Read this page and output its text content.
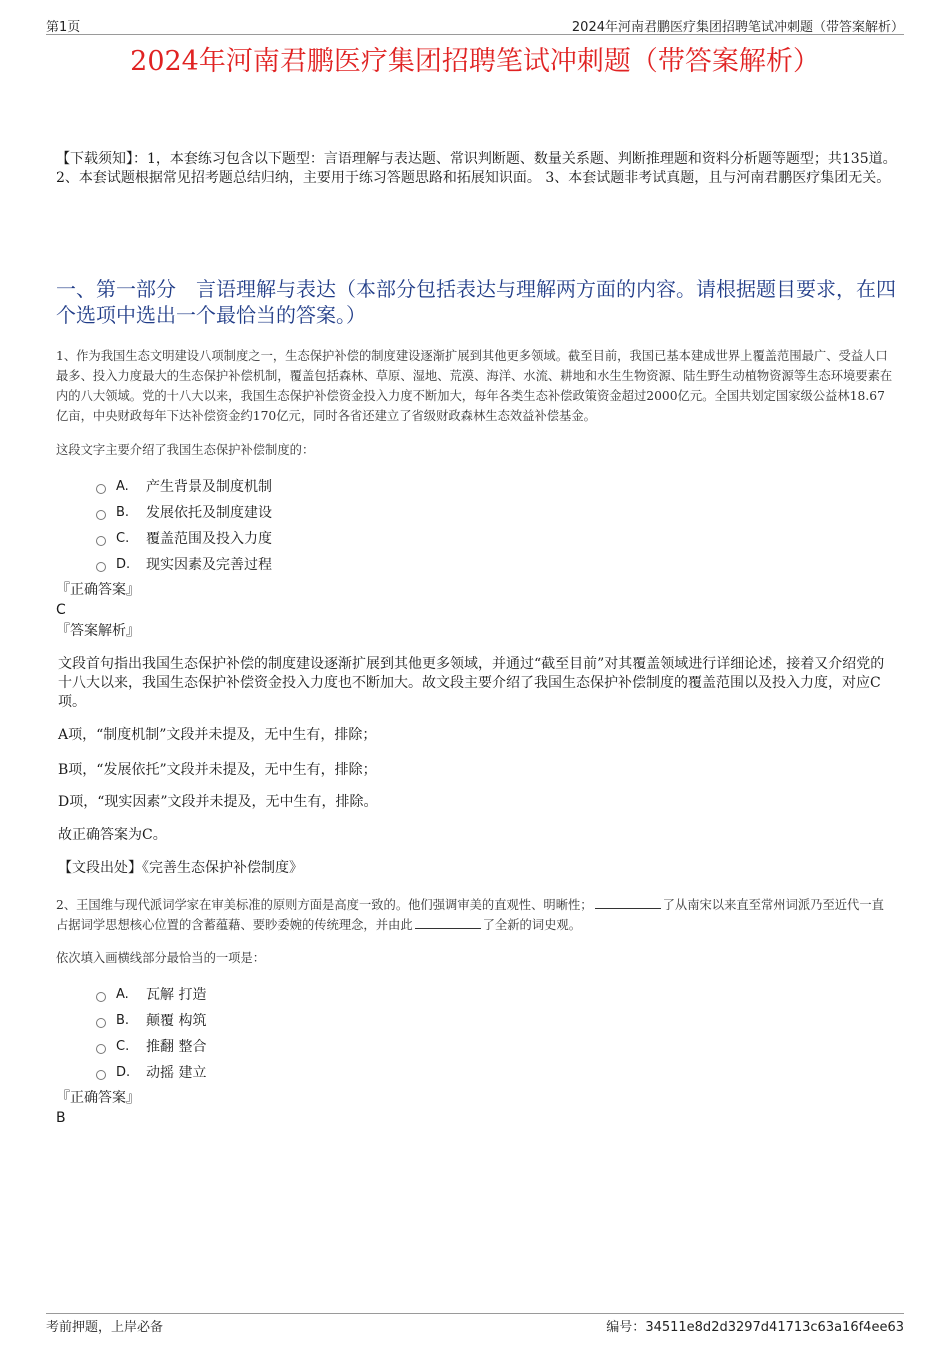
第1页	2024年河南君鹏医疗集团招聘笔试冲刺题（带答案解析）
2024年河南君鹏医疗集团招聘笔试冲刺题（带答案解析）
【下载须知】：1，本套练习包含以下题型：言语理解与表达题、常识判断题、数量关系题、判断推理题和资料分析题等题型；共135道。 2、本套试题根据常见招考题总结归纳，主要用于练习答题思路和拓展知识面。 3、本套试题非考试真题，且与河南君鹏医疗集团无关。
一、第一部分　言语理解与表达（本部分包括表达与理解两方面的内容。请根据题目要求，在四个选项中选出一个最恰当的答案。）
1、作为我国生态文明建设八项制度之一，生态保护补偿的制度建设逐渐扩展到其他更多领域。截至目前，我国已基本建成世界上覆盖范围最广、受益人口最多、投入力度最大的生态保护补偿机制，覆盖包括森林、草原、湿地、荒漠、海洋、水流、耕地和水生生物资源、陆生野生动植物资源等生态环境要素在内的八大领域。党的十八大以来，我国生态保护补偿资金投入力度不断加大，每年各类生态补偿政策资金超过2000亿元。全国共划定国家级公益林18.67亿亩，中央财政每年下达补偿资金约170亿元，同时各省还建立了省级财政森林生态效益补偿基金。
这段文字主要介绍了我国生态保护补偿制度的：
A.	产生背景及制度机制
B.	发展依托及制度建设
C.	覆盖范围及投入力度
D.	现实因素及完善过程
『正确答案』
C
『答案解析』
文段首句指出我国生态保护补偿的制度建设逐渐扩展到其他更多领域，并通过“截至目前”对其覆盖领域进行详细论述，接着又介绍党的十八大以来，我国生态保护补偿资金投入力度也不断加大。故文段主要介绍了我国生态保护补偿制度的覆盖范围以及投入力度，对应C项。
A项，“制度机制”文段并未提及，无中生有，排除；
B项，“发展依托”文段并未提及，无中生有，排除；
D项，“现实因素”文段并未提及，无中生有，排除。
故正确答案为C。
【文段出处】《完善生态保护补偿制度》
2、王国维与现代派词学家在审美标准的原则方面是高度一致的。他们强调审美的直观性、明晰性；	了从南宋以来直至常州词派乃至近代一直占据词学思想核心位置的含蓄蕴藉、要眇委婉的传统理念，并由此	了全新的词史观。
依次填入画横线部分最恰当的一项是：
A.	瓦解 打造
B.	颠覆 构筑
C.	推翻 整合
D.	动摇 建立
『正确答案』
B
考前押题，上岸必备	编号：34511e8d2d3297d41713c63a16f4ee63
